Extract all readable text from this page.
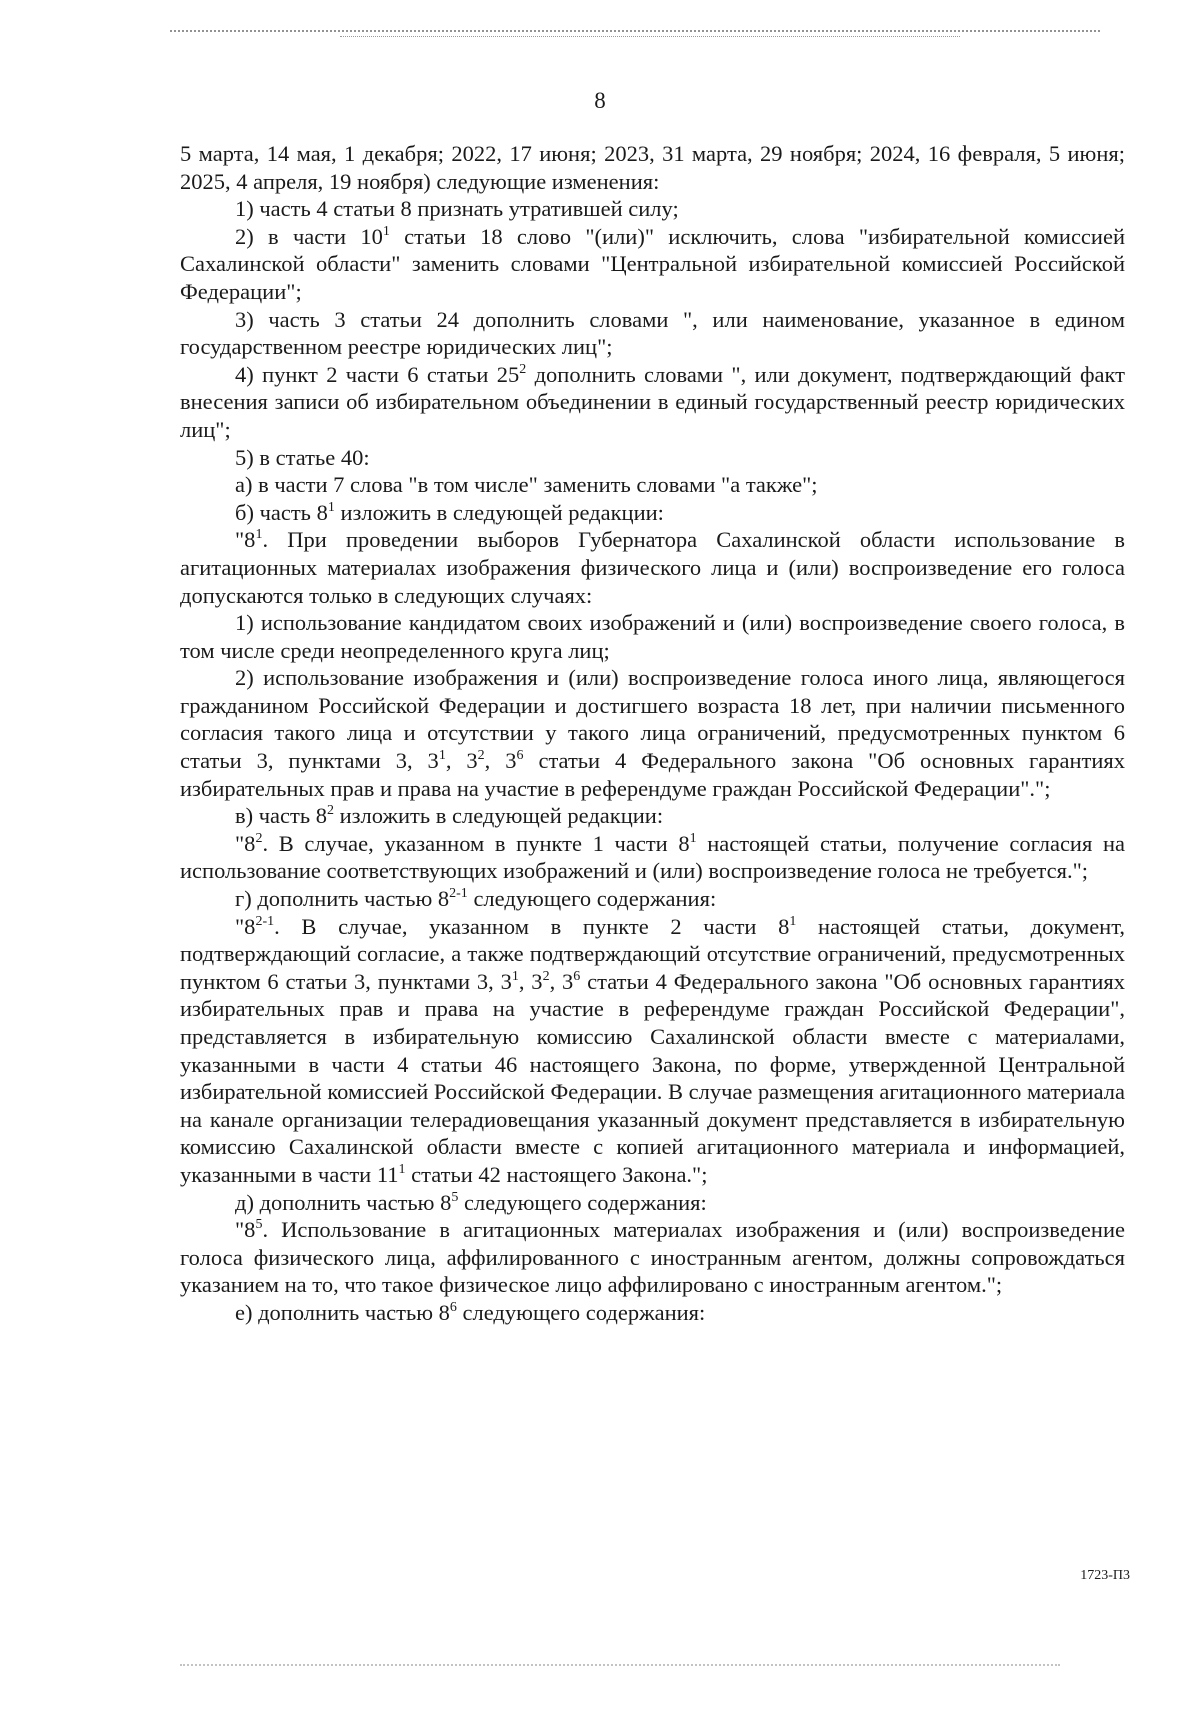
8

5 марта, 14 мая, 1 декабря; 2022, 17 июня; 2023, 31 марта, 29 ноября; 2024, 16 февраля, 5 июня; 2025, 4 апреля, 19 ноября) следующие изменения:

1) часть 4 статьи 8 признать утратившей силу;

2) в части $10^1$ статьи 18 слово "(или)" исключить, слова "избирательной комиссией Сахалинской области" заменить словами "Центральной избирательной комиссией Российской Федерации";

3) часть 3 статьи 24 дополнить словами ", или наименование, указанное в едином государственном реестре юридических лиц";

4) пункт 2 части 6 статьи $25^2$ дополнить словами ", или документ, подтверждающий факт внесения записи об избирательном объединении в единый государственный реестр юридических лиц";

5) в статье 40:

а) в части 7 слова "в том числе" заменить словами "а также";

б) часть $8^1$ изложить в следующей редакции:

"$8^1$. При проведении выборов Губернатора Сахалинской области использование в агитационных материалах изображения физического лица и (или) воспроизведение его голоса допускаются только в следующих случаях:

1) использование кандидатом своих изображений и (или) воспроизведение своего голоса, в том числе среди неопределенного круга лиц;

2) использование изображения и (или) воспроизведение голоса иного лица, являющегося гражданином Российской Федерации и достигшего возраста 18 лет, при наличии письменного согласия такого лица и отсутствии у такого лица ограничений, предусмотренных пунктом 6 статьи 3, пунктами 3, $3^1$, $3^2$, $3^6$ статьи 4 Федерального закона "Об основных гарантиях избирательных прав и права на участие в референдуме граждан Российской Федерации".";

в) часть $8^2$ изложить в следующей редакции:

"$8^2$. В случае, указанном в пункте 1 части $8^1$ настоящей статьи, получение согласия на использование соответствующих изображений и (или) воспроизведение голоса не требуется.";

г) дополнить частью 8$^{2-1}$ следующего содержания:

"8$^{2-1}$. В случае, указанном в пункте 2 части $8^1$ настоящей статьи, документ, подтверждающий согласие, а также подтверждающий отсутствие ограничений, предусмотренных пунктом 6 статьи 3, пунктами 3, $3^1$, $3^2$, $3^6$ статьи 4 Федерального закона "Об основных гарантиях избирательных прав и права на участие в референдуме граждан Российской Федерации", представляется в избирательную комиссию Сахалинской области вместе с материалами, указанными в части 4 статьи 46 настоящего Закона, по форме, утвержденной Центральной избирательной комиссией Российской Федерации. В случае размещения агитационного материала на канале организации телерадиовещания указанный документ представляется в избирательную комиссию Сахалинской области вместе с копией агитационного материала и информацией, указанными в части $11^1$ статьи 42 настоящего Закона.";

д) дополнить частью $8^5$ следующего содержания:

"$8^5$. Использование в агитационных материалах изображения и (или) воспроизведение голоса физического лица, аффилированного с иностранным агентом, должны сопровождаться указанием на то, что такое физическое лицо аффилировано с иностранным агентом.";

е) дополнить частью $8^6$ следующего содержания:

1723-П3
